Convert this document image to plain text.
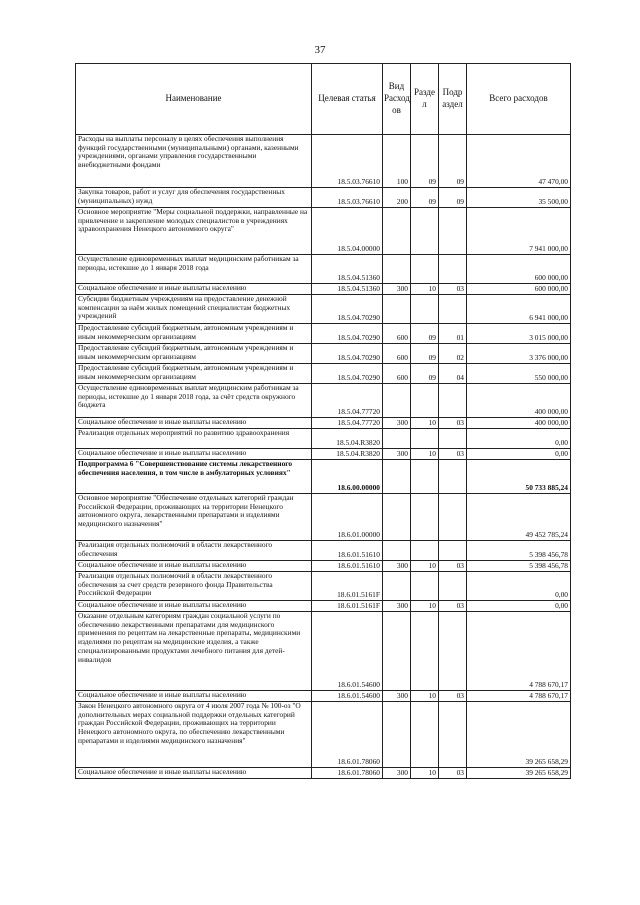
37
Наименование	Целевая статья	Вид Расход ов	Разде л	Подр аздел	Всего расходов
Расходы на выплаты персоналу в целях обеспечения выполнения функций государственными (муниципальными) органами, казенными учреждениями, органами управления государственными внебюджетными фондами	18.5.03.76610	100	09	09	47 470,00
Закупка товаров, работ и услуг для обеспечения государственных (муниципальных) нужд	18.5.03.76610	200	09	09	35 500,00
Основное мероприятие "Меры социальной поддержки, направленные на привлечение и закрепление молодых специалистов в учреждениях здравоохранения Ненецкого автономного округа"	18.5.04.00000				7 941 000,00
Осуществление единовременных выплат медицинским работникам за периоды, истекшие до 1 января 2018 года	18.5.04.51360				600 000,00
Социальное обеспечение и иные выплаты населению	18.5.04.51360	300	10	03	600 000,00
Субсидии бюджетным учреждениям на предоставление денежной компенсации за наём жилых помещений специалистам бюджетных учреждений	18.5.04.70290				6 941 000,00
Предоставление субсидий бюджетным, автономным учреждениям и иным некоммерческим организациям	18.5.04.70290	600	09	01	3 015 000,00
Предоставление субсидий бюджетным, автономным учреждениям и иным некоммерческим организациям	18.5.04.70290	600	09	02	3 376 000,00
Предоставление субсидий бюджетным, автономным учреждениям и иным некоммерческим организациям	18.5.04.70290	600	09	04	550 000,00
Осуществление единовременных выплат медицинским работникам за периоды, истекшие до 1 января 2018 года, за счёт средств окружного бюджета	18.5.04.77720				400 000,00
Социальное обеспечение и иные выплаты населению	18.5.04.77720	300	10	03	400 000,00
Реализация отдельных мероприятий по развитию здравоохранения	18.5.04.R3820				0,00
Социальное обеспечение и иные выплаты населению	18.5.04.R3820	300	10	03	0,00
Подпрограмма 6 "Совершенствование системы лекарственного обеспечения населения, в том числе в амбулаторных условиях"	18.6.00.00000				50 733 885,24
Основное мероприятие "Обеспечение отдельных категорий граждан Российской Федерации, проживающих на территории Ненецкого автономного округа, лекарственными препаратами и изделиями медицинского назначения"	18.6.01.00000				49 452 785,24
Реализация отдельных полномочий в области лекарственного обеспечения	18.6.01.51610				5 398 456,78
Социальное обеспечение и иные выплаты населению	18.6.01.51610	300	10	03	5 398 456,78
Реализация отдельных полномочий в области лекарственного обеспечения за счет средств резервного фонда Правительства Российской Федерации	18.6.01.5161F				0,00
Социальное обеспечение и иные выплаты населению	18.6.01.5161F	300	10	03	0,00
Оказание отдельным категориям граждан социальной услуги по обеспечению лекарственными препаратами для медицинского применения по рецептам на лекарственные препараты, медицинскими изделиями по рецептам на медицинские изделия, а также специализированными продуктами лечебного питания для детей-инвалидов	18.6.01.54600				4 788 670,17
Социальное обеспечение и иные выплаты населению	18.6.01.54600	300	10	03	4 788 670,17
Закон Ненецкого автономного округа от 4 июля 2007 года № 100-оз "О дополнительных мерах социальной поддержки отдельных категорий граждан Российской Федерации, проживающих на территории Ненецкого автономного округа, по обеспечению лекарственными препаратами и изделиями медицинского назначения"	18.6.01.78060				39 265 658,29
Социальное обеспечение и иные выплаты населению	18.6.01.78060	300	10	03	39 265 658,29
